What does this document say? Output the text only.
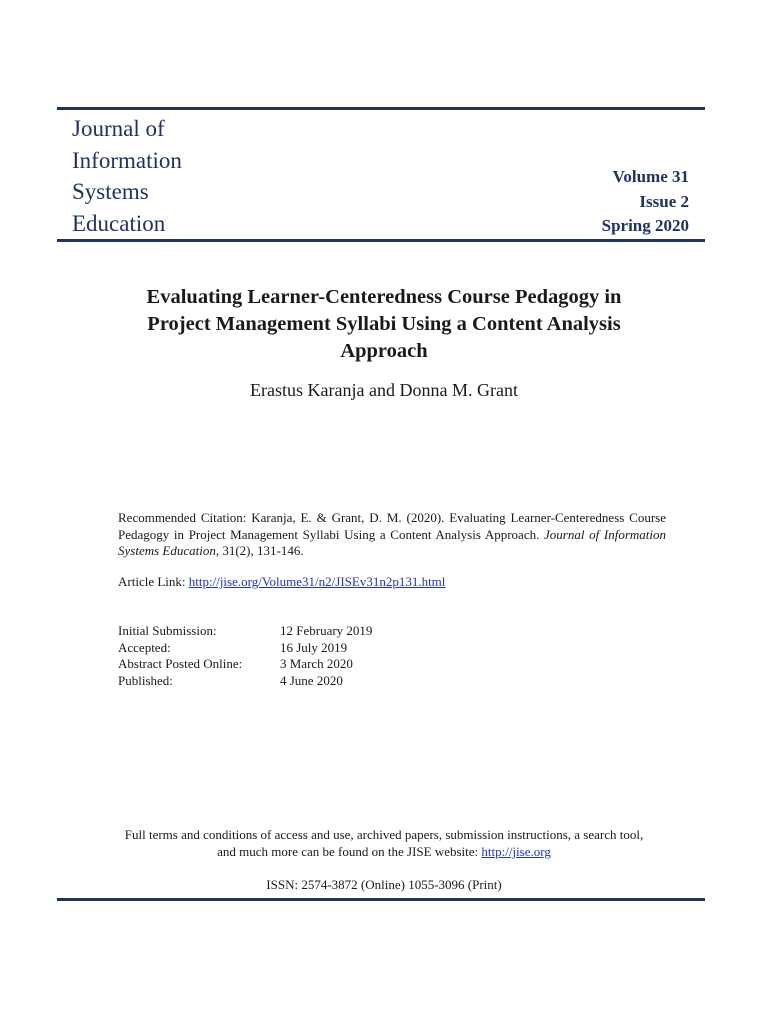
Journal of
Information
Systems
Education
Volume 31
Issue 2
Spring 2020
Evaluating Learner-Centeredness Course Pedagogy in
Project Management Syllabi Using a Content Analysis
Approach
Erastus Karanja and Donna M. Grant
Recommended Citation: Karanja, E. & Grant, D. M. (2020). Evaluating Learner-Centeredness Course Pedagogy in Project Management Syllabi Using a Content Analysis Approach. Journal of Information Systems Education, 31(2), 131-146.
Article Link: http://jise.org/Volume31/n2/JISEv31n2p131.html
Initial Submission:	12 February 2019
Accepted:	16 July 2019
Abstract Posted Online:	3 March 2020
Published:	4 June 2020
Full terms and conditions of access and use, archived papers, submission instructions, a search tool,
and much more can be found on the JISE website: http://jise.org
ISSN: 2574-3872 (Online) 1055-3096 (Print)
